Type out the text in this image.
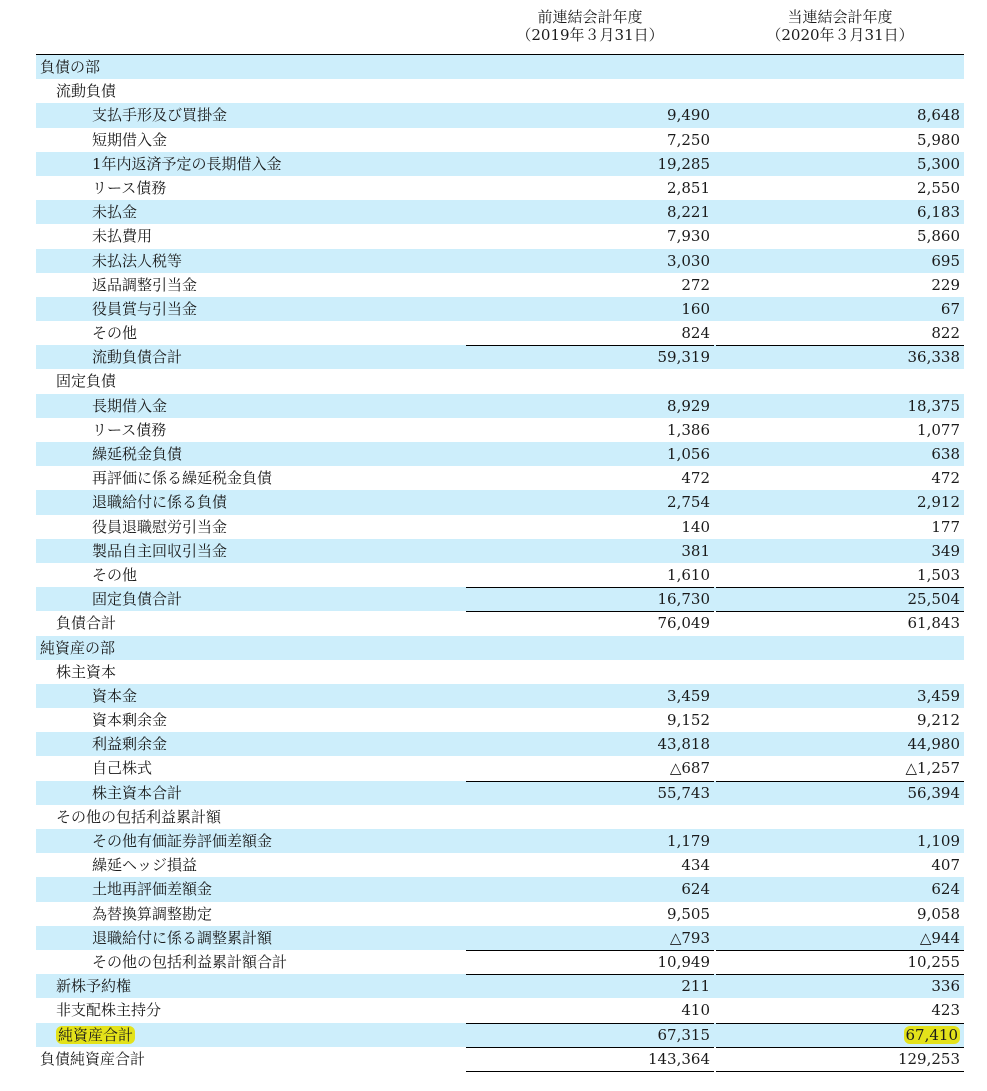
前連結会計年度
（2019年３月31日）
当連結会計年度
（2020年３月31日）
負債の部
流動負債
支払手形及び買掛金	9,490	8,648
短期借入金	7,250	5,980
1年内返済予定の長期借入金	19,285	5,300
リース債務	2,851	2,550
未払金	8,221	6,183
未払費用	7,930	5,860
未払法人税等	3,030	695
返品調整引当金	272	229
役員賞与引当金	160	67
その他	824	822
流動負債合計	59,319	36,338
固定負債
長期借入金	8,929	18,375
リース債務	1,386	1,077
繰延税金負債	1,056	638
再評価に係る繰延税金負債	472	472
退職給付に係る負債	2,754	2,912
役員退職慰労引当金	140	177
製品自主回収引当金	381	349
その他	1,610	1,503
固定負債合計	16,730	25,504
負債合計	76,049	61,843
純資産の部
株主資本
資本金	3,459	3,459
資本剰余金	9,152	9,212
利益剰余金	43,818	44,980
自己株式	△687	△1,257
株主資本合計	55,743	56,394
その他の包括利益累計額
その他有価証券評価差額金	1,179	1,109
繰延ヘッジ損益	434	407
土地再評価差額金	624	624
為替換算調整勘定	9,505	9,058
退職給付に係る調整累計額	△793	△944
その他の包括利益累計額合計	10,949	10,255
新株予約権	211	336
非支配株主持分	410	423
純資産合計	67,315	67,410
負債純資産合計	143,364	129,253
